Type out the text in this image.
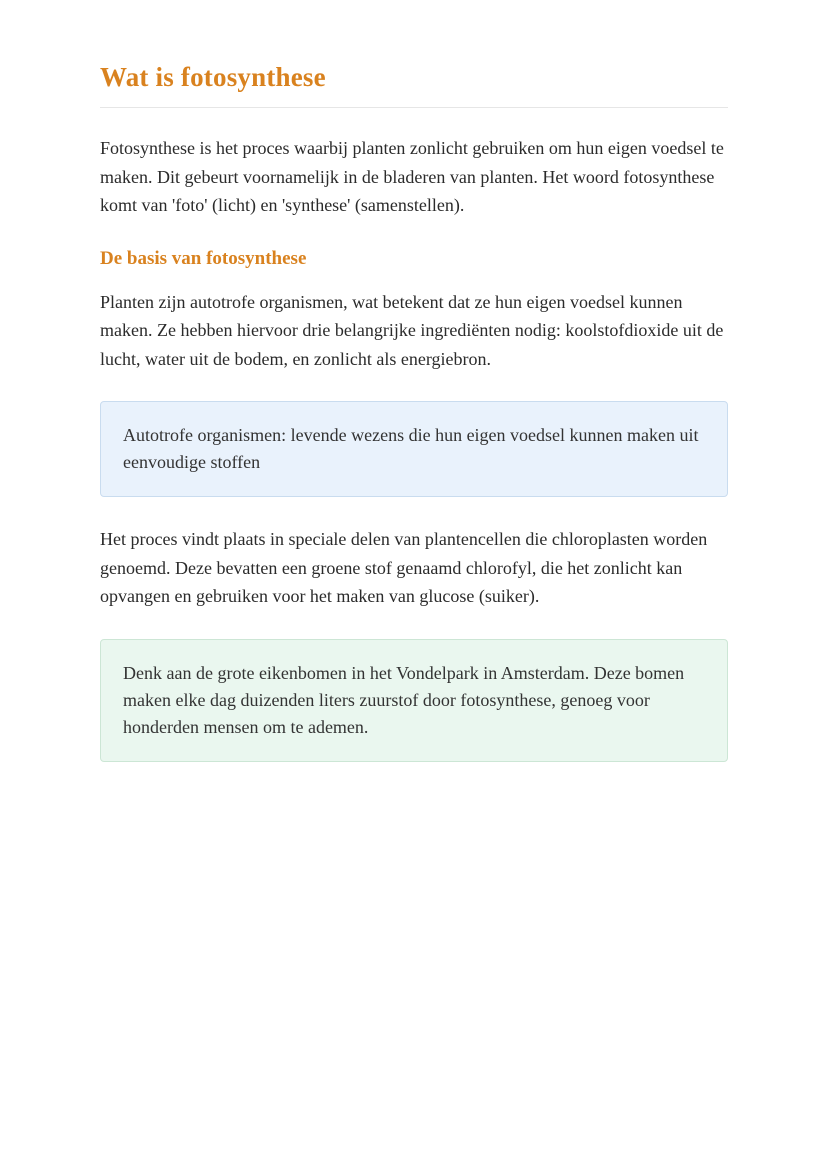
Wat is fotosynthese

Fotosynthese is het proces waarbij planten zonlicht gebruiken om hun eigen voedsel te maken. Dit gebeurt voornamelijk in de bladeren van planten. Het woord fotosynthese komt van 'foto' (licht) en 'synthese' (samenstellen).

De basis van fotosynthese

Planten zijn autotrofe organismen, wat betekent dat ze hun eigen voedsel kunnen maken. Ze hebben hiervoor drie belangrijke ingrediënten nodig: koolstofdioxide uit de lucht, water uit de bodem, en zonlicht als energiebron.

Autotrofe organismen: levende wezens die hun eigen voedsel kunnen maken uit eenvoudige stoffen

Het proces vindt plaats in speciale delen van plantencellen die chloroplasten worden genoemd. Deze bevatten een groene stof genaamd chlorofyl, die het zonlicht kan opvangen en gebruiken voor het maken van glucose (suiker).

Denk aan de grote eikenbomen in het Vondelpark in Amsterdam. Deze bomen maken elke dag duizenden liters zuurstof door fotosynthese, genoeg voor honderden mensen om te ademen.
